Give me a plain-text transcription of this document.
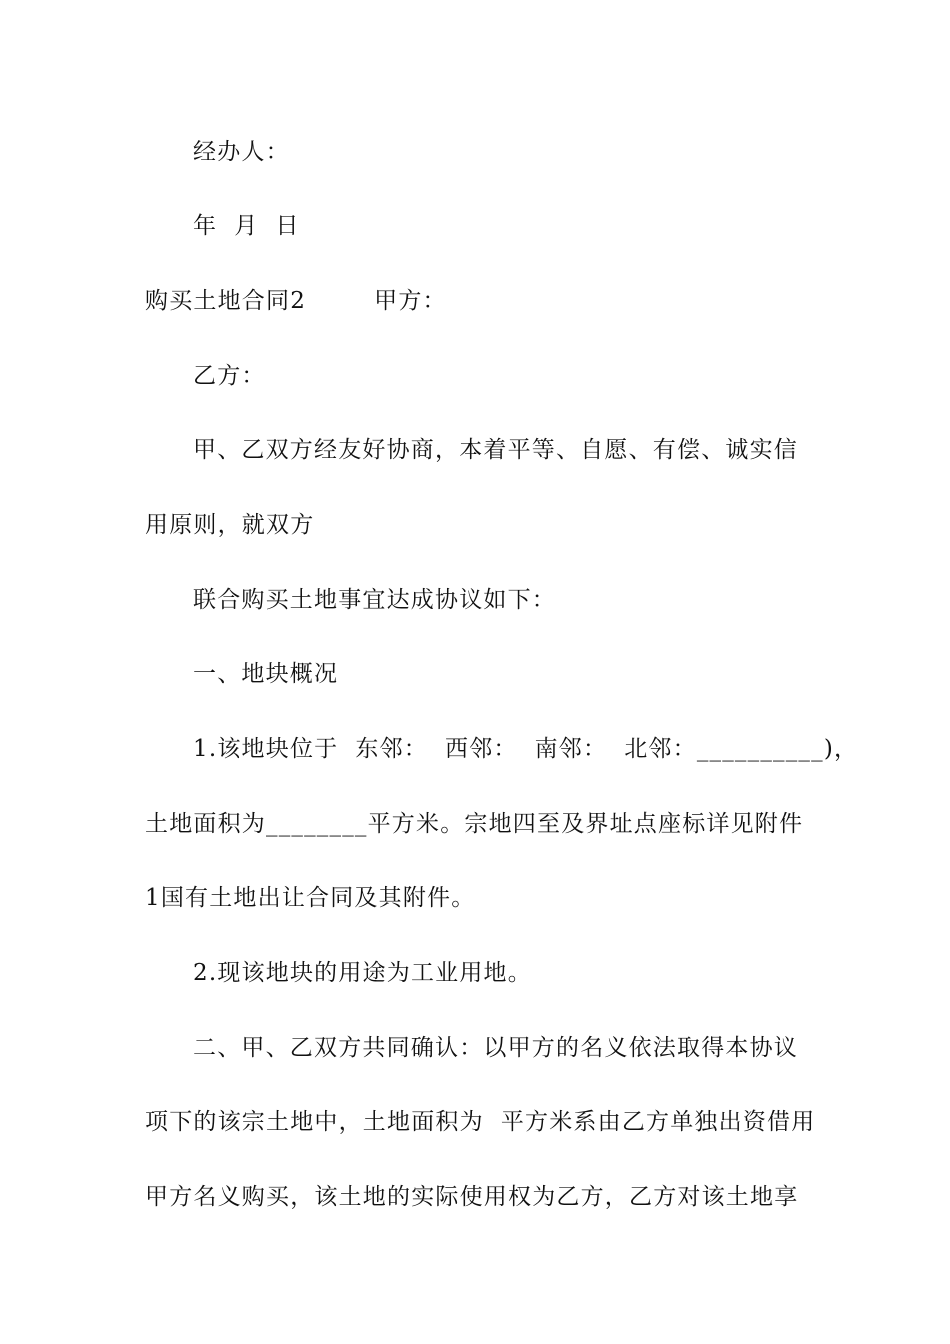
经办人：
年  月  日
购买土地合同2        甲方：
乙方：
甲、乙双方经友好协商，本着平等、自愿、有偿、诚实信
用原则，就双方
联合购买土地事宜达成协议如下：
一、地块概况
1.该地块位于  东邻：  西邻：  南邻：  北邻：__________)，
土地面积为________平方米。宗地四至及界址点座标详见附件
1国有土地出让合同及其附件。
2.现该地块的用途为工业用地。
二、甲、乙双方共同确认：以甲方的名义依法取得本协议
项下的该宗土地中，土地面积为  平方米系由乙方单独出资借用
甲方名义购买，该土地的实际使用权为乙方，乙方对该土地享
